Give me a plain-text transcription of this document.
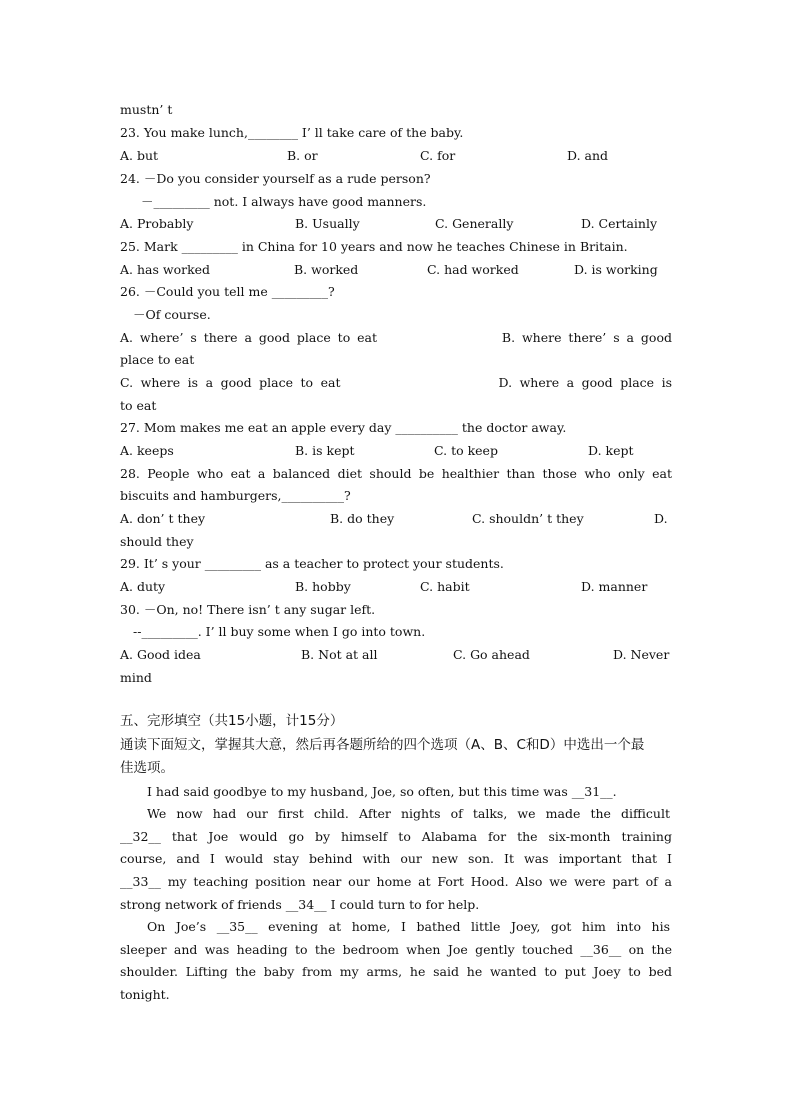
mustn’ t
23. You make lunch,________ I’ ll take care of the baby.

A. but

	B. or

	C. for

	D. and

24. －Do you consider yourself as a rude person?
－_________ not. I always have good manners.

A. Probably

	B. Usually

	C. Generally

	D. Certainly

25. Mark _________ in China for 10 years and now he teaches Chinese in Britain.

A. has worked

	B. worked

	C. had worked

	D. is working

26. －Could you tell me _________?
－Of course.
A. where’ s there a good place to eat                  B. where there’ s a good
place to eat
C. where is a good place to eat                     D. where a good place is
to eat
27. Mom makes me eat an apple every day __________ the doctor away.

A. keeps

	B. is kept

	C. to keep

	D. kept

28. People who eat a balanced diet should be healthier than those who only eat
biscuits and hamburgers,__________?

A. don’ t they

	B. do they

	C. shouldn’ t they

	D.

should they
29. It’ s your _________ as a teacher to protect your students.

A. duty

	B. hobby

	C. habit

	D. manner

30. －On, no! There isn’ t any sugar left.
--_________. I’ ll buy some when I go into town.

A. Good idea

	B. Not at all

	C. Go ahead

	D. Never

mind
五、完形填空（共15小题，计15分）
通读下面短文，掌握其大意，然后再各题所给的四个选项（A、B、C和D）中选出一个最
佳选项。
I had said goodbye to my husband, Joe, so often, but this time was __31__.
We now had our first child. After nights of talks, we made the difficult
__32__ that Joe would go by himself to Alabama for the six-month training
course, and I would stay behind with our new son. It was important that I
__33__ my teaching position near our home at Fort Hood. Also we were part of a
strong network of friends __34__ I could turn to for help.
On Joe’s __35__ evening at home, I bathed little Joey, got him into his
sleeper and was heading to the bedroom when Joe gently touched __36__ on the
shoulder. Lifting the baby from my arms, he said he wanted to put Joey to bed
tonight.
